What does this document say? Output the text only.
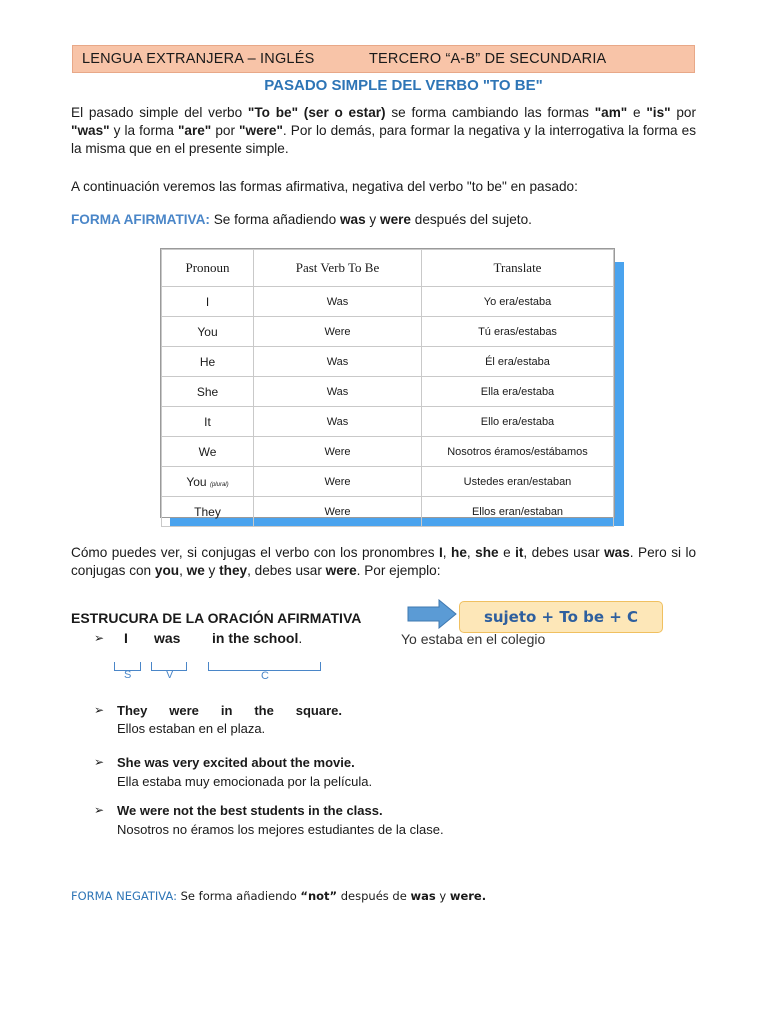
LENGUA EXTRANJERA – INGLÉS	TERCERO “A-B” DE SECUNDARIA
PASADO SIMPLE DEL VERBO "TO BE"
El pasado simple del verbo "To be" (ser o estar) se forma cambiando las formas "am" e "is" por "was" y la forma "are" por "were". Por lo demás, para formar la negativa y la interrogativa la forma es la misma que en el presente simple.
A continuación veremos las formas afirmativa, negativa del verbo "to be" en pasado:
FORMA AFIRMATIVA: Se forma añadiendo was y were después del sujeto.
Pronoun	Past Verb To Be	Translate
I	Was	Yo era/estaba
You	Were	Tú eras/estabas
He	Was	Él era/estaba
She	Was	Ella era/estaba
It	Was	Ello era/estaba
We	Were	Nosotros éramos/estábamos
You (plural)	Were	Ustedes eran/estaban
They	Were	Ellos eran/estaban
Cómo puedes ver, si conjugas el verbo con los pronombres I, he, she e it, debes usar was. Pero si lo conjugas con you, we y they, debes usar were. Por ejemplo:
ESTRUCURA DE LA ORACIÓN AFIRMATIVA	sujeto + To be + C
➢ I was in the school.	Yo estaba en el colegio
S	V	C
➢ They were in the square.
Ellos estaban en el plaza.
➢ She was very excited about the movie.
Ella estaba muy emocionada por la película.
➢ We were not the best students in the class.
Nosotros no éramos los mejores estudiantes de la clase.
FORMA NEGATIVA: Se forma añadiendo “not” después de was y were.
